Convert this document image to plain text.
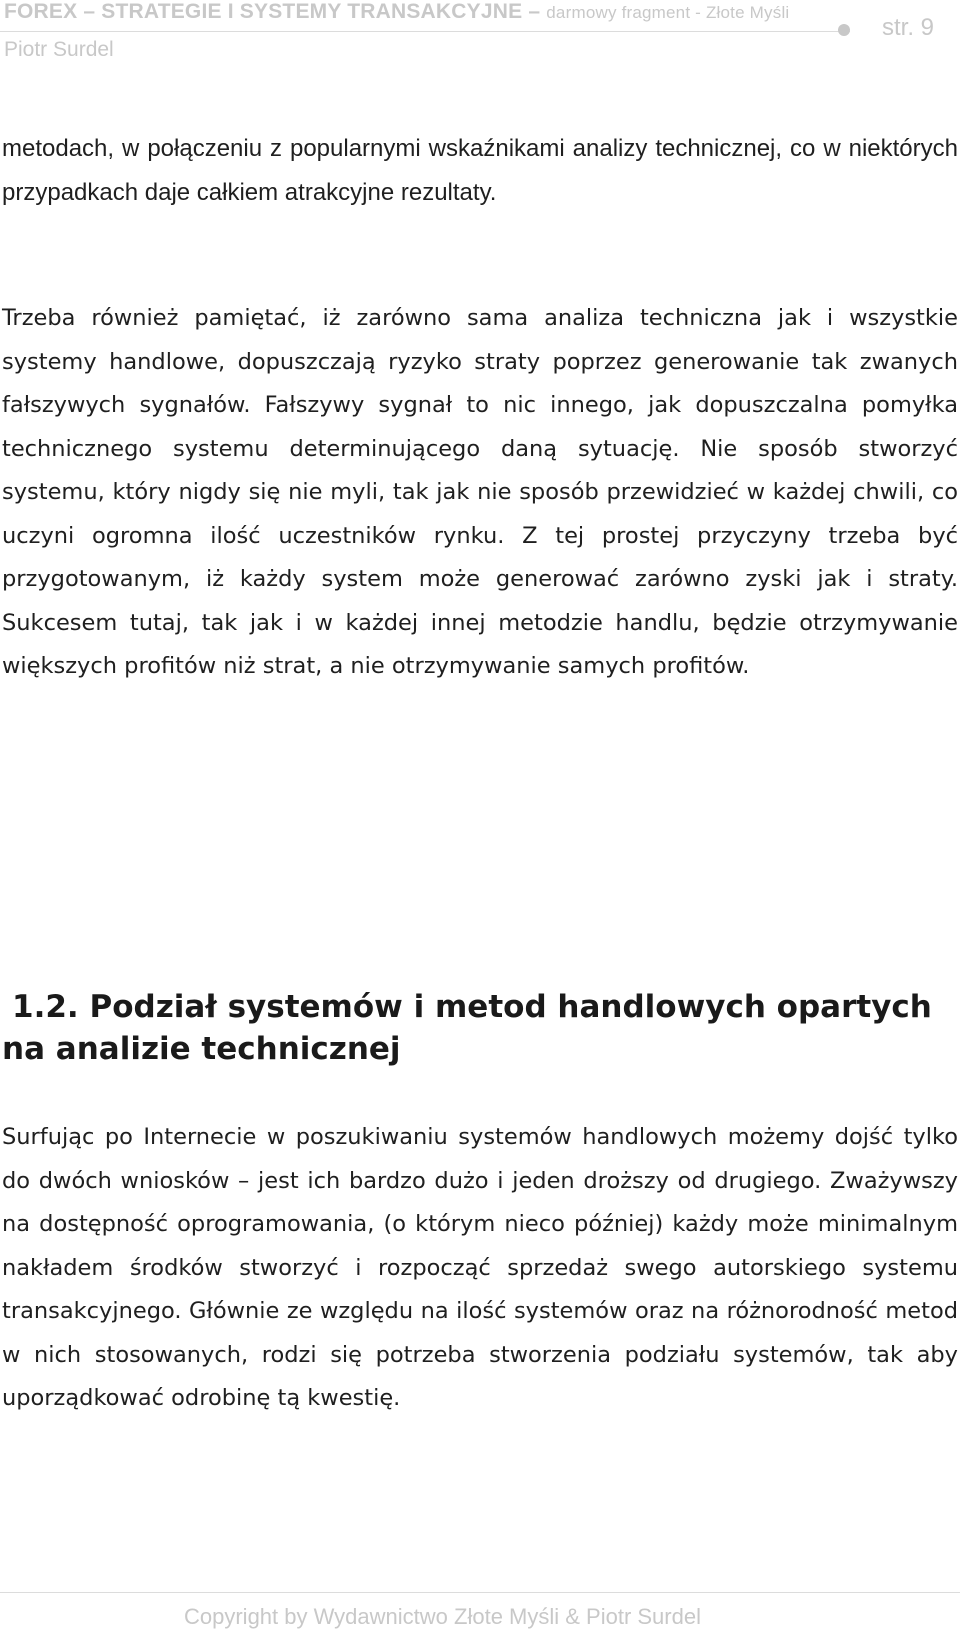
FOREX – STRATEGIE I SYSTEMY TRANSAKCYJNE – darmowy fragment - Złote Myśli
Piotr Surdel
str. 9

metodach, w połączeniu z popularnymi wskaźnikami analizy technicznej, co w niektórych przypadkach daje całkiem atrakcyjne rezultaty.

Trzeba również pamiętać, iż zarówno sama analiza techniczna jak i wszystkie systemy handlowe, dopuszczają ryzyko straty poprzez generowanie tak zwanych fałszywych sygnałów. Fałszywy sygnał to nic innego, jak dopuszczalna pomyłka technicznego systemu determinującego daną sytuację. Nie sposób stworzyć systemu, który nigdy się nie myli, tak jak nie sposób przewidzieć w każdej chwili, co uczyni ogromna ilość uczestników rynku. Z tej prostej przyczyny trzeba być przygotowanym, iż każdy system może generować zarówno zyski jak i straty. Sukcesem tutaj, tak jak i w każdej innej metodzie handlu, będzie otrzymywanie większych profitów niż strat, a nie otrzymywanie samych profitów.

1.2. Podział systemów i metod handlowych opartych na analizie technicznej

Surfując po Internecie w poszukiwaniu systemów handlowych możemy dojść tylko do dwóch wniosków – jest ich bardzo dużo i jeden droższy od drugiego. Zważywszy na dostępność oprogramowania, (o którym nieco później) każdy może minimalnym nakładem środków stworzyć i rozpocząć sprzedaż swego autorskiego systemu transakcyjnego. Głównie ze względu na ilość systemów oraz na różnorodność metod w nich stosowanych, rodzi się potrzeba stworzenia podziału systemów, tak aby uporządkować odrobinę tą kwestię.

Copyright by Wydawnictwo Złote Myśli & Piotr Surdel
